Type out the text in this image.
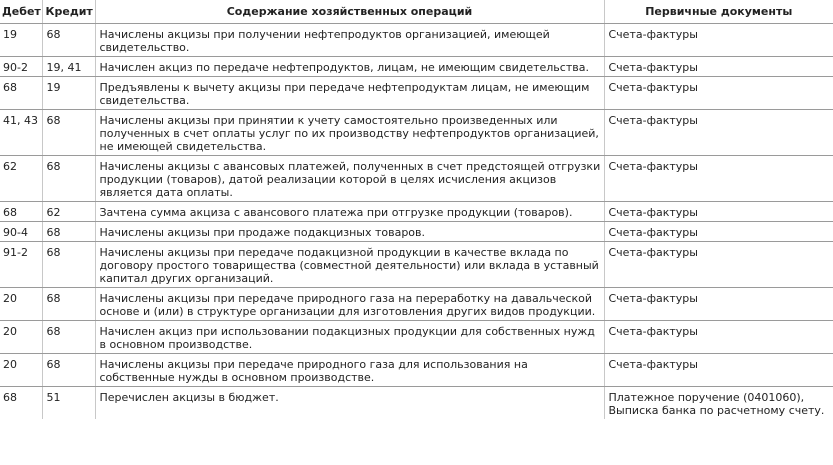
Дебет	Кредит	Содержание хозяйственных операций	Первичные документы
19	68	Начислены акцизы при получении нефтепродуктов организацией, имеющей свидетельство.	Счета-фактуры
90-2	19, 41	Начислен акциз по передаче нефтепродуктов, лицам, не имеющим свидетельства.	Счета-фактуры
68	19	Предъявлены к вычету акцизы при передаче нефтепродуктам лицам, не имеющим свидетельства.	Счета-фактуры
41, 43	68	Начислены акцизы при принятии к учету самостоятельно произведенных или полученных в счет оплаты услуг по их производству нефтепродуктов организацией, не имеющей свидетельства.	Счета-фактуры
62	68	Начислены акцизы с авансовых платежей, полученных в счет предстоящей отгрузки продукции (товаров), датой реализации которой в целях исчисления акцизов является дата оплаты.	Счета-фактуры
68	62	Зачтена сумма акциза с авансового платежа при отгрузке продукции (товаров).	Счета-фактуры
90-4	68	Начислены акцизы при продаже подакцизных товаров.	Счета-фактуры
91-2	68	Начислены акцизы при передаче подакцизной продукции в качестве вклада по договору простого товарищества (совместной деятельности) или вклада в уставный капитал других организаций.	Счета-фактуры
20	68	Начислены акцизы при передаче природного газа на переработку на давальческой основе и (или) в структуре организации для изготовления других видов продукции.	Счета-фактуры
20	68	Начислен акциз при использовании подакцизных продукции для собственных нужд в основном производстве.	Счета-фактуры
20	68	Начислены акцизы при передаче природного газа для использования на собственные нужды в основном производстве.	Счета-фактуры
68	51	Перечислен акцизы в бюджет.	Платежное поручение (0401060), Выписка банка по расчетному счету.
